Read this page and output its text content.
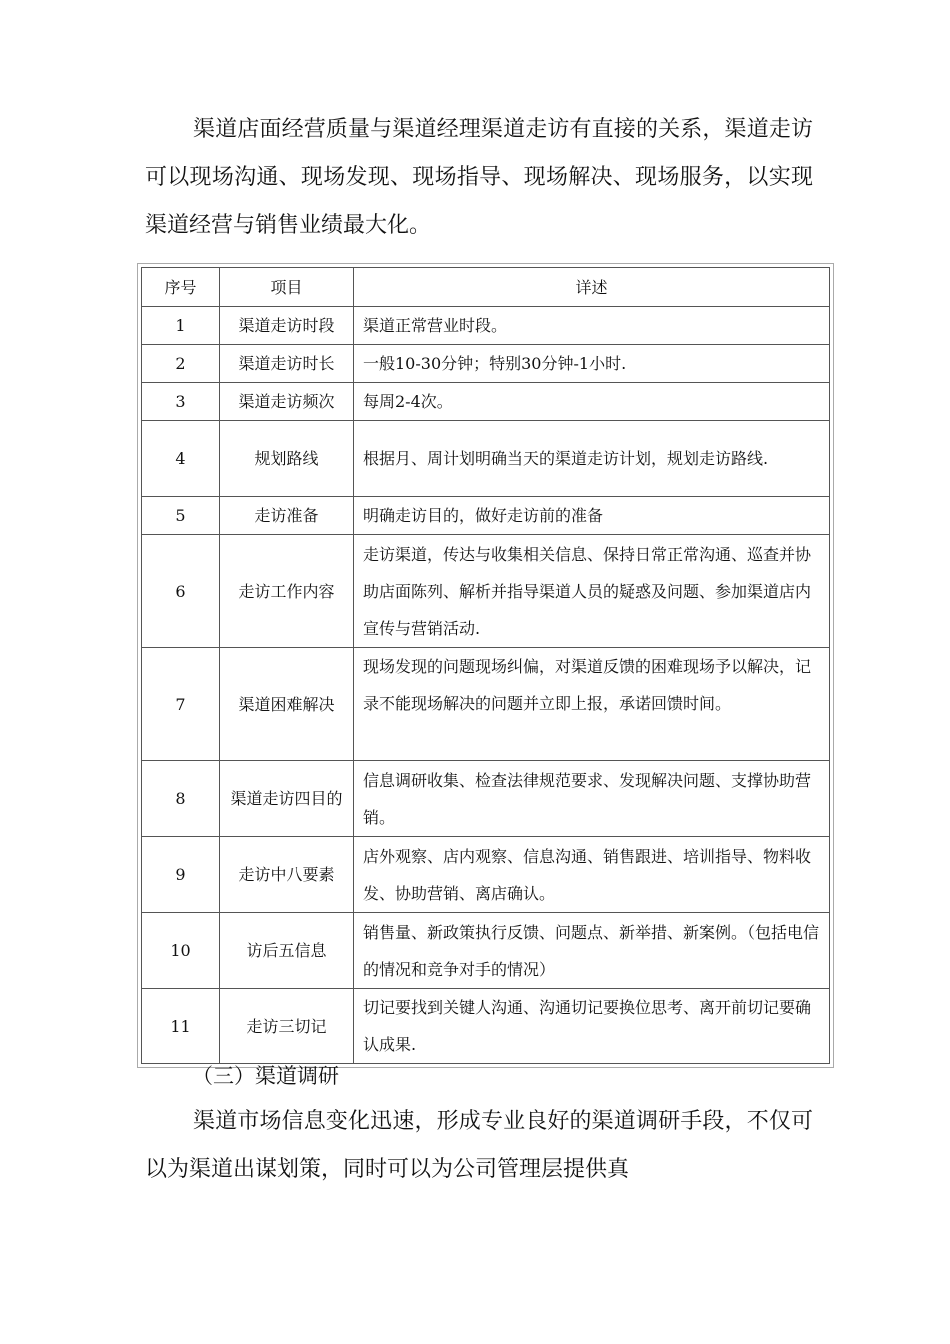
渠道店面经营质量与渠道经理渠道走访有直接的关系，渠道走访可以现场沟通、现场发现、现场指导、现场解决、现场服务，以实现渠道经营与销售业绩最大化。

序号	项目	详述
1	渠道走访时段	渠道正常营业时段。
2	渠道走访时长	一般10-30分钟；特别30分钟-1小时.
3	渠道走访频次	每周2-4次。
4	规划路线	根据月、周计划明确当天的渠道走访计划，规划走访路线.
5	走访准备	明确走访目的，做好走访前的准备
6	走访工作内容	走访渠道，传达与收集相关信息、保持日常正常沟通、巡查并协助店面陈列、解析并指导渠道人员的疑惑及问题、参加渠道店内宣传与营销活动.
7	渠道困难解决	现场发现的问题现场纠偏，对渠道反馈的困难现场予以解决，记录不能现场解决的问题并立即上报，承诺回馈时间。
8	渠道走访四目的	信息调研收集、检查法律规范要求、发现解决问题、支撑协助营销。
9	走访中八要素	店外观察、店内观察、信息沟通、销售跟进、培训指导、物料收发、协助营销、离店确认。
10	访后五信息	销售量、新政策执行反馈、问题点、新举措、新案例。（包括电信的情况和竞争对手的情况）
11	走访三切记	切记要找到关键人沟通、沟通切记要换位思考、离开前切记要确认成果.
（三）渠道调研

渠道市场信息变化迅速，形成专业良好的渠道调研手段，不仅可以为渠道出谋划策，同时可以为公司管理层提供真
